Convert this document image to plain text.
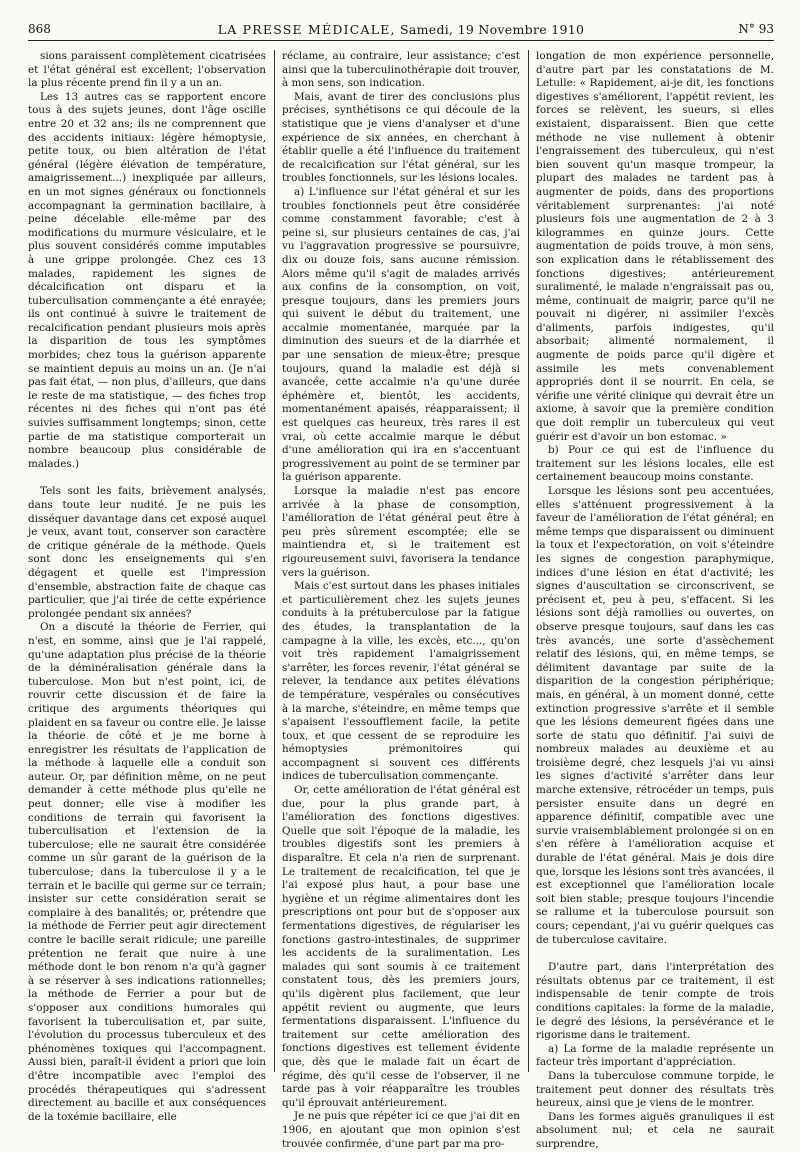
868	LA PRESSE MÉDICALE, Samedi, 19 Novembre 1910	N° 93

sions paraissent complètement cicatrisées et l'état général est excellent; l'observation la plus récente prend fin il y a un an.

Les 13 autres cas se rapportent encore tous à des sujets jeunes, dont l'âge oscille entre 20 et 32 ans; ils ne comprennent que des accidents initiaux: légère hémoptysie, petite toux, ou bien altération de l'état général (légère élévation de température, amaigrissement...) inexpliquée par ailleurs, en un mot signes généraux ou fonctionnels accompagnant la germination bacillaire, à peine décelable elle-même par des modifications du murmure vésiculaire, et le plus souvent considérés comme imputables à une grippe prolongée. Chez ces 13 malades, rapidement les signes de décalcification ont disparu et la tuberculisation commençante a été enrayée; ils ont continué à suivre le traitement de recalcification pendant plusieurs mois après la disparition de tous les symptômes morbides; chez tous la guérison apparente se maintient depuis au moins un an. (Je n'ai pas fait état, — non plus, d'ailleurs, que dans le reste de ma statistique, — des fiches trop récentes ni des fiches qui n'ont pas été suivies suffisamment longtemps; sinon, cette partie de ma statistique comporterait un nombre beaucoup plus considérable de malades.)

Tels sont les faits, brièvement analysés, dans toute leur nudité. Je ne puis les disséquer davantage dans cet exposé auquel je veux, avant tout, conserver son caractère de critique générale de la méthode. Quels sont donc les enseignements qui s'en dégagent et quelle est l'impression d'ensemble, abstraction faite de chaque cas particulier, que j'ai tirée de cette expérience prolongée pendant six années?

On a discuté la théorie de Ferrier, qui n'est, en somme, ainsi que je l'ai rappelé, qu'une adaptation plus précise de la théorie de la déminéralisation générale dans la tuberculose. Mon but n'est point, ici, de rouvrir cette discussion et de faire la critique des arguments théoriques qui plaident en sa faveur ou contre elle. Je laisse la théorie de côté et je me borne à enregistrer les résultats de l'application de la méthode à laquelle elle a conduit son auteur. Or, par définition même, on ne peut demander à cette méthode plus qu'elle ne peut donner; elle vise à modifier les conditions de terrain qui favorisent la tuberculisation et l'extension de la tuberculose; elle ne saurait être considérée comme un sûr garant de la guérison de la tuberculose; dans la tuberculose il y a le terrain et le bacille qui germe sur ce terrain; insister sur cette considération serait se complaire à des banalités; or, prétendre que la méthode de Ferrier peut agir directement contre le bacille serait ridicule; une pareille prétention ne ferait que nuire à une méthode dont le bon renom n'a qu'à gagner à se réserver à ses indications rationnelles; la méthode de Ferrier a pour but de s'opposer aux conditions humorales qui favorisent la tuberculisation et, par suite, l'évolution du processus tuberculeux et des phénomènes toxiques qui l'accompagnent. Aussi bien, paraît-il évident a priori que loin d'être incompatible avec l'emploi des procédés thérapeutiques qui s'adressent directement au bacille et aux conséquences de la toxémie bacillaire, elle

réclame, au contraire, leur assistance; c'est ainsi que la tuberculinothérapie doit trouver, à mon sens, son indication.

Mais, avant de tirer des conclusions plus précises, synthétisons ce qui découle de la statistique que je viens d'analyser et d'une expérience de six années, en cherchant à établir quelle a été l'influence du traitement de recalcification sur l'état général, sur les troubles fonctionnels, sur les lésions locales.

a) L'influence sur l'état général et sur les troubles fonctionnels peut être considérée comme constamment favorable; c'est à peine si, sur plusieurs centaines de cas, j'ai vu l'aggravation progressive se poursuivre, dix ou douze fois, sans aucune rémission. Alors même qu'il s'agit de malades arrivés aux confins de la consomption, on voit, presque toujours, dans les premiers jours qui suivent le début du traitement, une accalmie momentanée, marquée par la diminution des sueurs et de la diarrhée et par une sensation de mieux-être; presque toujours, quand la maladie est déjà si avancée, cette accalmie n'a qu'une durée éphémère et, bientôt, les accidents, momentanément apaisés, réapparaissent; il est quelques cas heureux, très rares il est vrai, où cette accalmie marque le début d'une amélioration qui ira en s'accentuant progressivement au point de se terminer par la guérison apparente.

Lorsque la maladie n'est pas encore arrivée à la phase de consomption, l'amélioration de l'état général peut être à peu près sûrement escomptée; elle se maintiendra et, si le traitement est rigoureusement suivi, favorisera la tendance vers la guérison.

Mais c'est surtout dans les phases initiales et particulièrement chez les sujets jeunes conduits à la prétuberculose par la fatigue des études, la transplantation de la campagne à la ville, les excès, etc..., qu'on voit très rapidement l'amaigrissement s'arrêter, les forces revenir, l'état général se relever, la tendance aux petites élévations de température, vespérales ou consécutives à la marche, s'éteindre, en même temps que s'apaisent l'essoufflement facile, la petite toux, et que cessent de se reproduire les hémoptysies prémonitoires qui accompagnent si souvent ces différents indices de tuberculisation commençante.

Or, cette amélioration de l'état général est due, pour la plus grande part, à l'amélioration des fonctions digestives. Quelle que soit l'époque de la maladie, les troubles digestifs sont les premiers à disparaître. Et cela n'a rien de surprenant. Le traitement de recalcification, tel que je l'ai exposé plus haut, a pour base une hygiène et un régime alimentaires dont les prescriptions ont pour but de s'opposer aux fermentations digestives, de régulariser les fonctions gastro-intestinales, de supprimer les accidents de la suralimentation. Les malades qui sont soumis à ce traitement constatent tous, dès les premiers jours, qu'ils digèrent plus facilement, que leur appétit revient ou augmente, que leurs fermentations disparaissent. L'influence du traitement sur cette amélioration des fonctions digestives est tellement évidente que, dès que le malade fait un écart de régime, dès qu'il cesse de l'observer, il ne tarde pas à voir réapparaître les troubles qu'il éprouvait antérieurement.

Je ne puis que répéter ici ce que j'ai dit en 1906, en ajoutant que mon opinion s'est trouvée confirmée, d'une part par ma pro-

longation de mon expérience personnelle, d'autre part par les constatations de M. Letulle: « Rapidement, ai-je dit, les fonctions digestives s'améliorent, l'appétit revient, les forces se relèvent, les sueurs, si elles existaient, disparaissent. Bien que cette méthode ne vise nullement à obtenir l'engraissement des tuberculeux, qui n'est bien souvent qu'un masque trompeur, la plupart des malades ne tardent pas à augmenter de poids, dans des proportions véritablement surprenantes: j'ai noté plusieurs fois une augmentation de 2 à 3 kilogrammes en quinze jours. Cette augmentation de poids trouve, à mon sens, son explication dans le rétablissement des fonctions digestives; antérieurement suralimenté, le malade n'engraissait pas ou, même, continuait de maigrir, parce qu'il ne pouvait ni digérer, ni assimiler l'excès d'aliments, parfois indigestes, qu'il absorbait; alimenté normalement, il augmente de poids parce qu'il digère et assimile les mets convenablement appropriés dont il se nourrit. En cela, se vérifie une vérité clinique qui devrait être un axiome, à savoir que la première condition que doit remplir un tuberculeux qui veut guérir est d'avoir un bon estomac. »

b) Pour ce qui est de l'influence du traitement sur les lésions locales, elle est certainement beaucoup moins constante.

Lorsque les lésions sont peu accentuées, elles s'atténuent progressivement à la faveur de l'amélioration de l'état général; en même temps que disparaissent ou diminuent la toux et l'expectoration, on voit s'éteindre les signes de congestion paraphymique, indices d'une lésion en état d'activité; les signes d'auscultation se circonscrivent, se précisent et, peu à peu, s'effacent. Si les lésions sont déjà ramollies ou ouvertes, on observe presque toujours, sauf dans les cas très avancés, une sorte d'assèchement relatif des lésions, qui, en même temps, se délimitent davantage par suite de la disparition de la congestion périphérique; mais, en général, à un moment donné, cette extinction progressive s'arrête et il semble que les lésions demeurent figées dans une sorte de statu quo définitif. J'ai suivi de nombreux malades au deuxième et au troisième degré, chez lesquels j'ai vu ainsi les signes d'activité s'arrêter dans leur marche extensive, rétrocéder un temps, puis persister ensuite dans un degré en apparence définitif, compatible avec une survie vraisemblablement prolongée si on en s'en réfère à l'amélioration acquise et durable de l'état général. Mais je dois dire que, lorsque les lésions sont très avancées, il est exceptionnel que l'amélioration locale soit bien stable; presque toujours l'incendie se rallume et la tuberculose poursuit son cours; cependant, j'ai vu guérir quelques cas de tuberculose cavitaire.

D'autre part, dans l'interprétation des résultats obtenus par ce traitement, il est indispensable de tenir compte de trois conditions capitales: la forme de la maladie, le degré des lésions, la persévérance et le rigorisme dans le traitement.

a) La forme de la maladie représente un facteur très important d'appréciation.

Dans la tuberculose commune torpide, le traitement peut donner des résultats très heureux, ainsi que je viens de le montrer.

Dans les formes aiguës granuliques il est absolument nul; et cela ne saurait surprendre,
